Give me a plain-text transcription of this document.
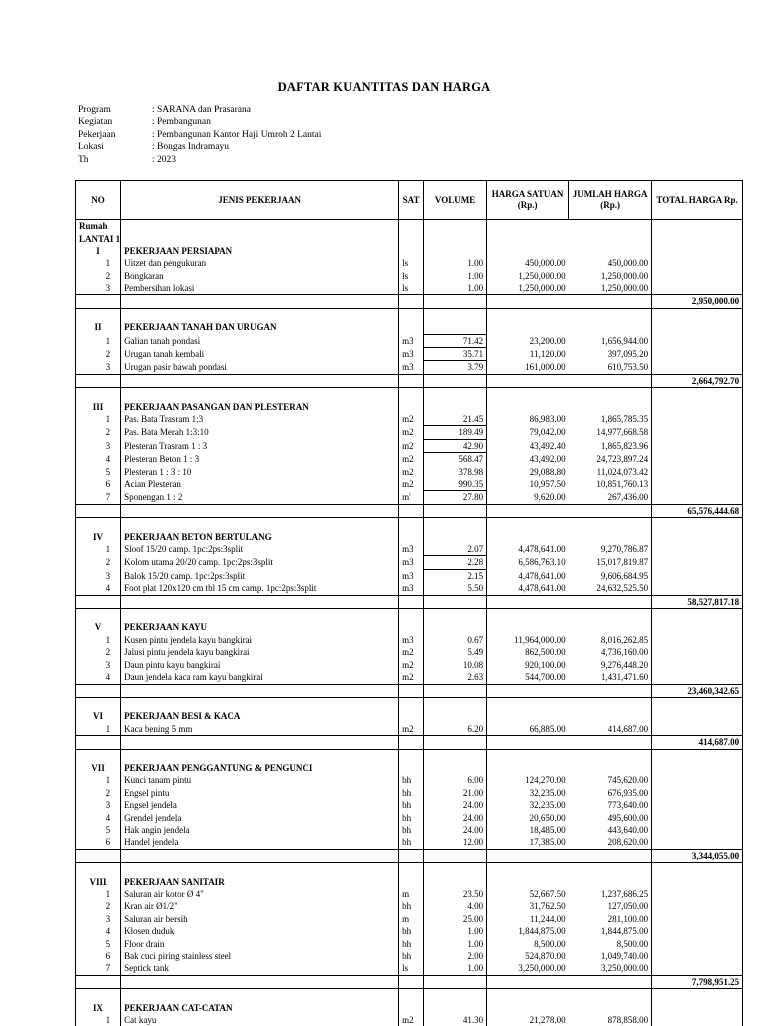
DAFTAR KUANTITAS DAN HARGA
Program	: SARANA dan Prasarana
Kegiatan	: Pembangunan
Pekerjaan	: Pembangunan Kantor Haji Umroh 2 Lantai
Lokasi	: Bongas Indramayu
Th	: 2023
NO	JENIS PEKERJAAN	SAT	VOLUME	HARGA SATUAN (Rp.)	JUMLAH HARGA (Rp.)	TOTAL HARGA Rp.
Rumah						
LANTAI 1						
I	PEKERJAAN PERSIAPAN					
1	Uitzet dan pengukuran	ls	1.00	450,000.00	450,000.00	
2	Bongkaran	ls	1.00	1,250,000.00	1,250,000.00	
3	Pembersihan lokasi	ls	1.00	1,250,000.00	1,250,000.00	
						2,950,000.00

II	PEKERJAAN TANAH DAN URUGAN					
1	Galian tanah pondasi	m3	71.42	23,200.00	1,656,944.00	
2	Urugan tanah kembali	m3	35.71	11,120.00	397,095.20	
3	Urugan pasir bawah pondasi	m3	3.79	161,000.00	610,753.50	
						2,664,792.70

III	PEKERJAAN PASANGAN DAN PLESTERAN					
1	Pas. Bata Trasram 1:3	m2	21.45	86,983.00	1,865,785.35	
2	Pas. Bata Merah 1:3:10	m2	189.49	79,042.00	14,977,668.58	
3	Plesteran Trasram 1 : 3	m2	42.90	43,492.40	1,865,823.96	
4	Plesteran Beton 1 : 3	m2	568.47	43,492.00	24,723,897.24	
5	Plesteran 1 : 3 : 10	m2	378.98	29,088.80	11,024,073.42	
6	Acian Plesteran	m2	990.35	10,957.50	10,851,760.13	
7	Sponengan 1 : 2	m'	27.80	9,620.00	267,436.00	
						65,576,444.68

IV	PEKERJAAN BETON BERTULANG					
1	Sloof 15/20 camp. 1pc:2ps:3split	m3	2.07	4,478,641.00	9,270,786.87	
2	Kolom utama 20/20 camp. 1pc:2ps:3split	m3	2.28	6,586,763.10	15,017,819.87	
3	Balok 15/20 camp. 1pc:2ps:3split	m3	2.15	4,478,641.00	9,606,684.95	
4	Foot plat 120x120 cm tbl 15 cm camp. 1pc:2ps:3split	m3	5.50	4,478,641.00	24,632,525.50	
						58,527,817.18

V	PEKERJAAN KAYU					
1	Kusen pintu jendela kayu bangkirai	m3	0.67	11,964,000.00	8,016,262.85	
2	Jalusi pintu jendela kayu bangkirai	m2	5.49	862,500.00	4,736,160.00	
3	Daun pintu kayu bangkirai	m2	10.08	920,100.00	9,276,448.20	
4	Daun jendela kaca ram kayu bangkirai	m2	2.63	544,700.00	1,431,471.60	
						23,460,342.65

VI	PEKERJAAN BESI & KACA					
1	Kaca bening 5 mm	m2	6.20	66,885.00	414,687.00	
						414,687.00

VII	PEKERJAAN PENGGANTUNG & PENGUNCI					
1	Kunci tanam pintu	bh	6.00	124,270.00	745,620.00	
2	Engsel pintu	bh	21.00	32,235.00	676,935.00	
3	Engsel jendela	bh	24.00	32,235.00	773,640.00	
4	Grendel jendela	bh	24.00	20,650.00	495,600.00	
5	Hak angin jendela	bh	24.00	18,485.00	443,640.00	
6	Handel jendela	bh	12.00	17,385.00	208,620.00	
						3,344,055.00

VIII	PEKERJAAN SANITAIR					
1	Saluran air kotor Ø 4"	m	23.50	52,667.50	1,237,686.25	
2	Kran air Ø1/2"	bh	4.00	31,762.50	127,050.00	
3	Saluran air bersih	m	25.00	11,244.00	281,100.00	
4	Klosen duduk	bh	1.00	1,844,875.00	1,844,875.00	
5	Floor drain	bh	1.00	8,500.00	8,500.00	
6	Bak cuci piring stainless steel	bh	2.00	524,870.00	1,049,740.00	
7	Septick tank	ls	1.00	3,250,000.00	3,250,000.00	
						7,798,951.25

IX	PEKERJAAN CAT-CATAN					
1	Cat kayu	m2	41.30	21,278.00	878,858.00	
